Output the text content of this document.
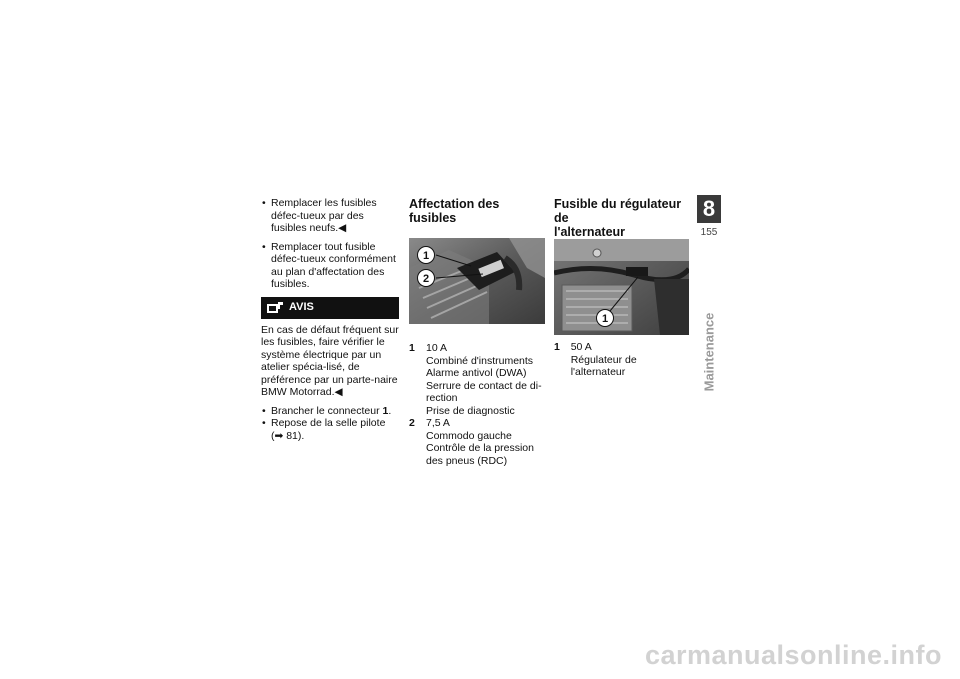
• Remplacer les fusibles défec-tueux par des fusibles neufs.◀
• Remplacer tout fusible défec-tueux conformément au plan d'affectation des fusibles.
AVIS
En cas de défaut fréquent sur les fusibles, faire vérifier le système électrique par un atelier spécia-lisé, de préférence par un parte-naire BMW Motorrad.◀
• Brancher le connecteur 1.
• Repose de la selle pilote
(➡ 81).
Affectation des fusibles
1
2
1	10 A
Combiné d'instruments
Alarme antivol (DWA)
Serrure de contact de di-
rection
Prise de diagnostic
2	7,5 A
Commodo gauche
Contrôle de la pression
des pneus (RDC)
Fusible du régulateur de
l'alternateur
1
1	50 A
Régulateur de l'alternateur
8
155
Maintenance
carmanualsonline.info
